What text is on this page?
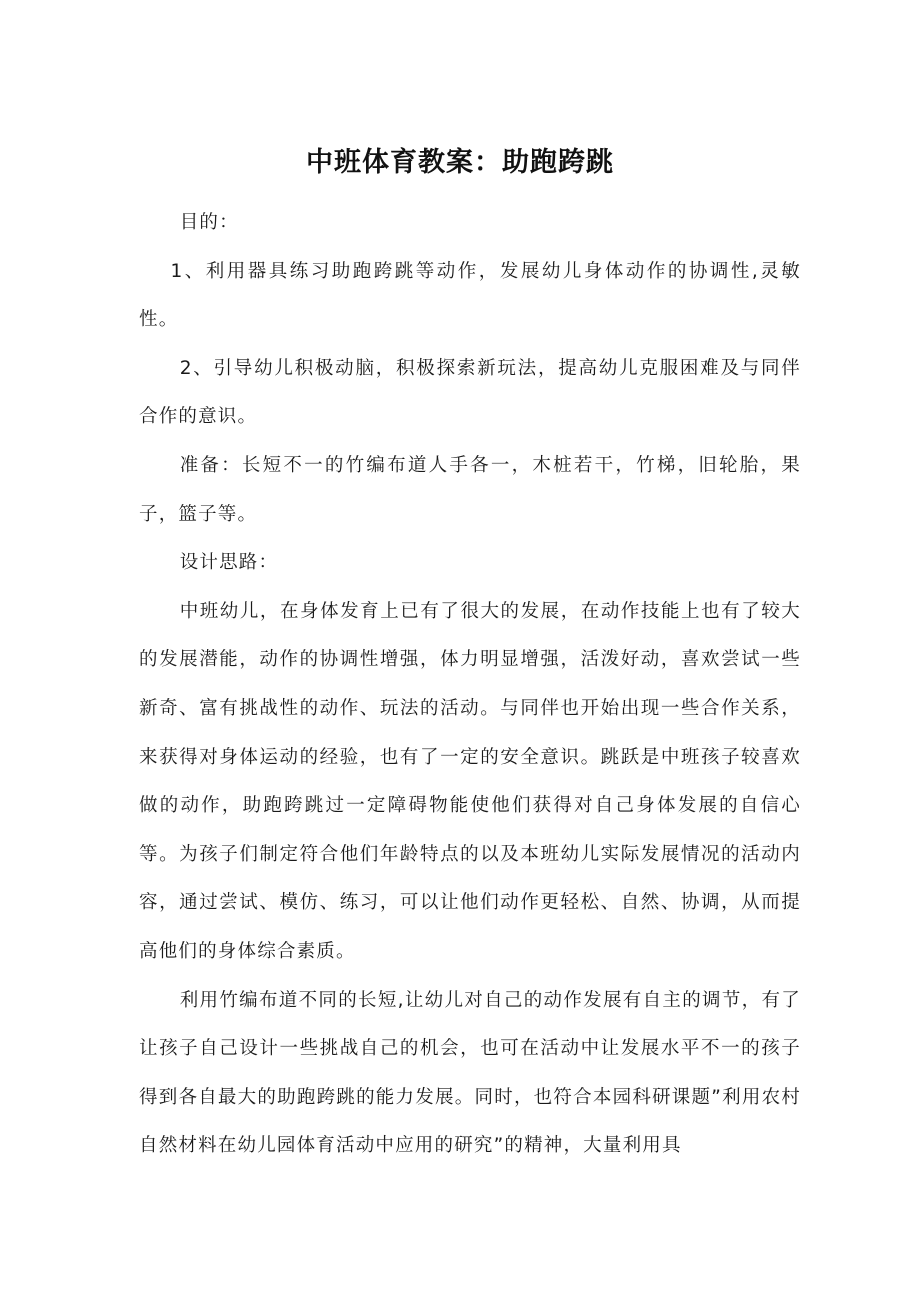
中班体育教案：助跑跨跳

目的：

1、利用器具练习助跑跨跳等动作，发展幼儿身体动作的协调性,灵敏性。

2、引导幼儿积极动脑，积极探索新玩法，提高幼儿克服困难及与同伴合作的意识。

准备：长短不一的竹编布道人手各一，木桩若干，竹梯，旧轮胎，果子，篮子等。

设计思路：

中班幼儿，在身体发育上已有了很大的发展，在动作技能上也有了较大的发展潜能，动作的协调性增强，体力明显增强，活泼好动，喜欢尝试一些新奇、富有挑战性的动作、玩法的活动。与同伴也开始出现一些合作关系，来获得对身体运动的经验，也有了一定的安全意识。跳跃是中班孩子较喜欢做的动作，助跑跨跳过一定障碍物能使他们获得对自己身体发展的自信心等。为孩子们制定符合他们年龄特点的以及本班幼儿实际发展情况的活动内容，通过尝试、模仿、练习，可以让他们动作更轻松、自然、协调，从而提高他们的身体综合素质。

利用竹编布道不同的长短,让幼儿对自己的动作发展有自主的调节，有了让孩子自己设计一些挑战自己的机会，也可在活动中让发展水平不一的孩子得到各自最大的助跑跨跳的能力发展。同时，也符合本园科研课题”利用农村自然材料在幼儿园体育活动中应用的研究”的精神，大量利用具
